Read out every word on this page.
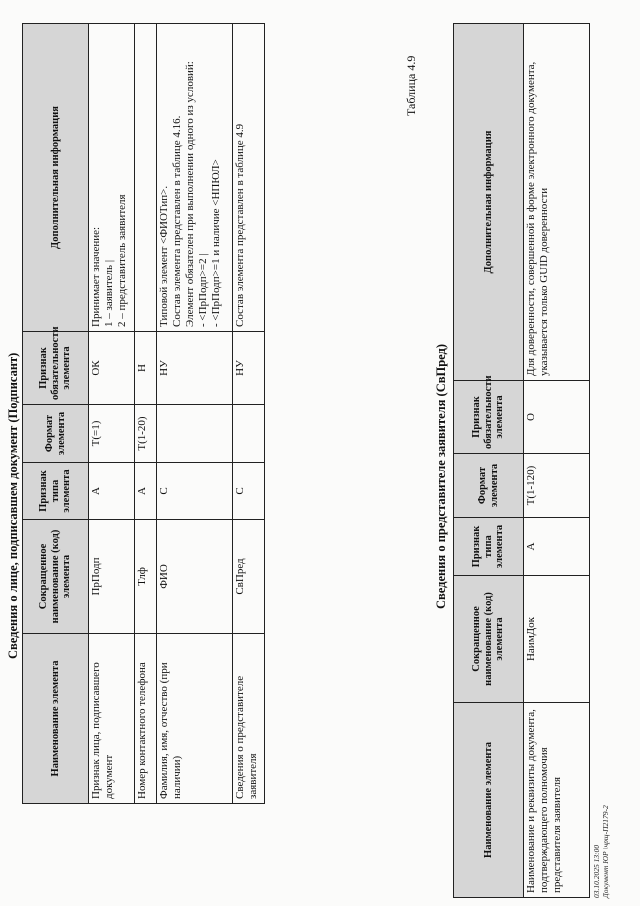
Сведения о лице, подписавшем документ (Подписант)
Наименование элемента	Сокращенное наименование (код) элемента	Признак типа элемента	Формат элемента	Признак обязательности элемента	Дополнительная информация
Признак лица, подписавшего документ	ПрПодп	А	T(=1)	ОК	Принимает значение: 1 – заявитель | 2 – представитель заявителя

Номер контактного телефона	Тлф	А	T(1-20)	Н	

Фамилия, имя, отчество (при наличии)	ФИО	С		НУ	Типовой элемент <ФИОТип>. Состав элемента представлен в таблице 4.16. Элемент обязателен при выполнении одного из условий: - <ПрПодп>=2 | - <ПрПодп>=1 и наличие <НПЮЛ>

Сведения о представителе заявителя	СвПред	С		НУ	Состав элемента представлен в таблице 4.9
Таблица 4.9
Сведения о представителе заявителя (СвПред)
Наименование элемента	Сокращенное наименование (код) элемента	Признак типа элемента	Формат элемента	Признак обязательности элемента	Дополнительная информация
Наименование и реквизиты документа, подтверждающего полномочия представителя заявителя	НаимДок	А	T(1-120)	О	Для доверенности, совершенной в форме электронного документа, указывается только GUID доверенности
03.10.2025 13:00 Документ ЮР \чрщ-П2179-2
